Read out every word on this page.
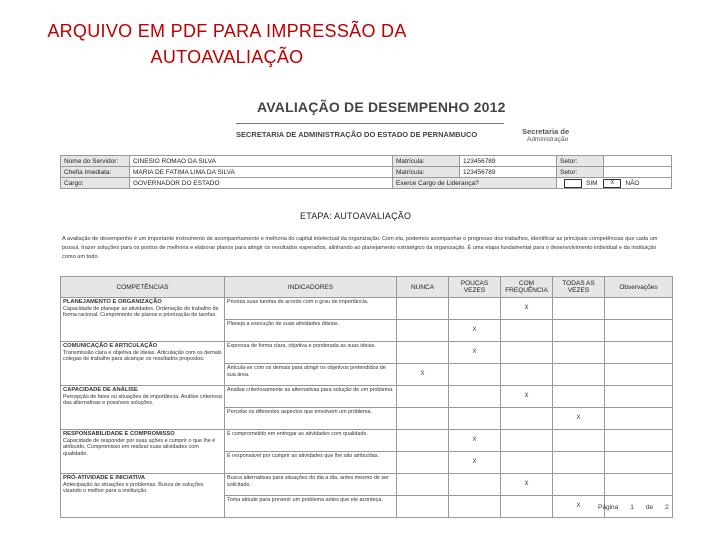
ARQUIVO EM PDF PARA IMPRESSÃO DA
AUTOAVALIAÇÃO
AVALIAÇÃO DE DESEMPENHO 2012
SECRETARIA DE ADMINISTRAÇÃO DO ESTADO DE PERNAMBUCO	Secretaria de
Administração
Nome do Servidor:	CINESIO ROMAO DA SILVA	Matrícula:	123456789	Setor:	
Chefia Imediata:	MARIA DE FATIMA LIMA DA SILVA	Matrícula:	123456789	Setor:	
Cargo:	GOVERNADOR DO ESTADO	Exerce Cargo de Liderança?		SIM X NÃO	
ETAPA: AUTOAVALIAÇÃO

A avaliação de desempenho é um importante instrumento de acompanhamento e melhoria do capital intelectual da organização. Com ela, podemos acompanhar o progresso dos trabalhos, identificar as principais competências que cada um possui, trazer soluções para os pontos de melhoria e elaborar planos para atingir os resultados esperados, alinhando ao planejamento estratégico da organização. É uma etapa fundamental para o desenvolvimento individual e da instituição como um todo.

COMPETÊNCIAS	INDICADORES	NUNCA	POUCAS VEZES	COM FREQUÊNCIA	TODAS AS VEZES	Observações

PLANEJAMENTO E ORGANIZAÇÃO
Capacidade de planejar as atividades. Ordenação do trabalho de forma racional. Cumprimento de planos e priorização de tarefas.	Prioriza suas tarefas de acordo com o grau de importância.			X		
	Planeja a execução de suas atividades diárias.		X			

COMUNICAÇÃO E ARTICULAÇÃO
Transmissão clara e objetiva de ideias. Articulação com os demais colegas de trabalho para alcançar os resultados propostos.	Expressa de forma clara, objetiva e ponderada as suas ideias.		X			
	Articula-se com os demais para atingir os objetivos pretendidos de sua área.	X				

CAPACIDADE DE ANÁLISE
Percepção de fatos ou situações de importância. Análise criteriosa das alternativas e possíveis soluções.	Analisa criteriosamente as alternativas para solução de um problema.			X		
	Percebe os diferentes aspectos que envolvem um problema.				X	

RESPONSABILIDADE E COMPROMISSO
Capacidade de responder por suas ações e cumprir o que lhe é atribuído. Compromisso em realizar suas atividades com qualidade.	É comprometido em entregar as atividades com qualidade.		X			
	É responsável por cumprir as atividades que lhe são atribuídas.		X			

PRÓ-ATIVIDADE E INICIATIVA
Antecipação às situações e problemas. Busca de soluções visando o melhor para a instituição.	Busca alternativas para situações do dia a dia, antes mesmo de ser solicitado.			X		
	Toma atitude para prevenir um problema antes que ele aconteça.				X		Página 1 de 2
